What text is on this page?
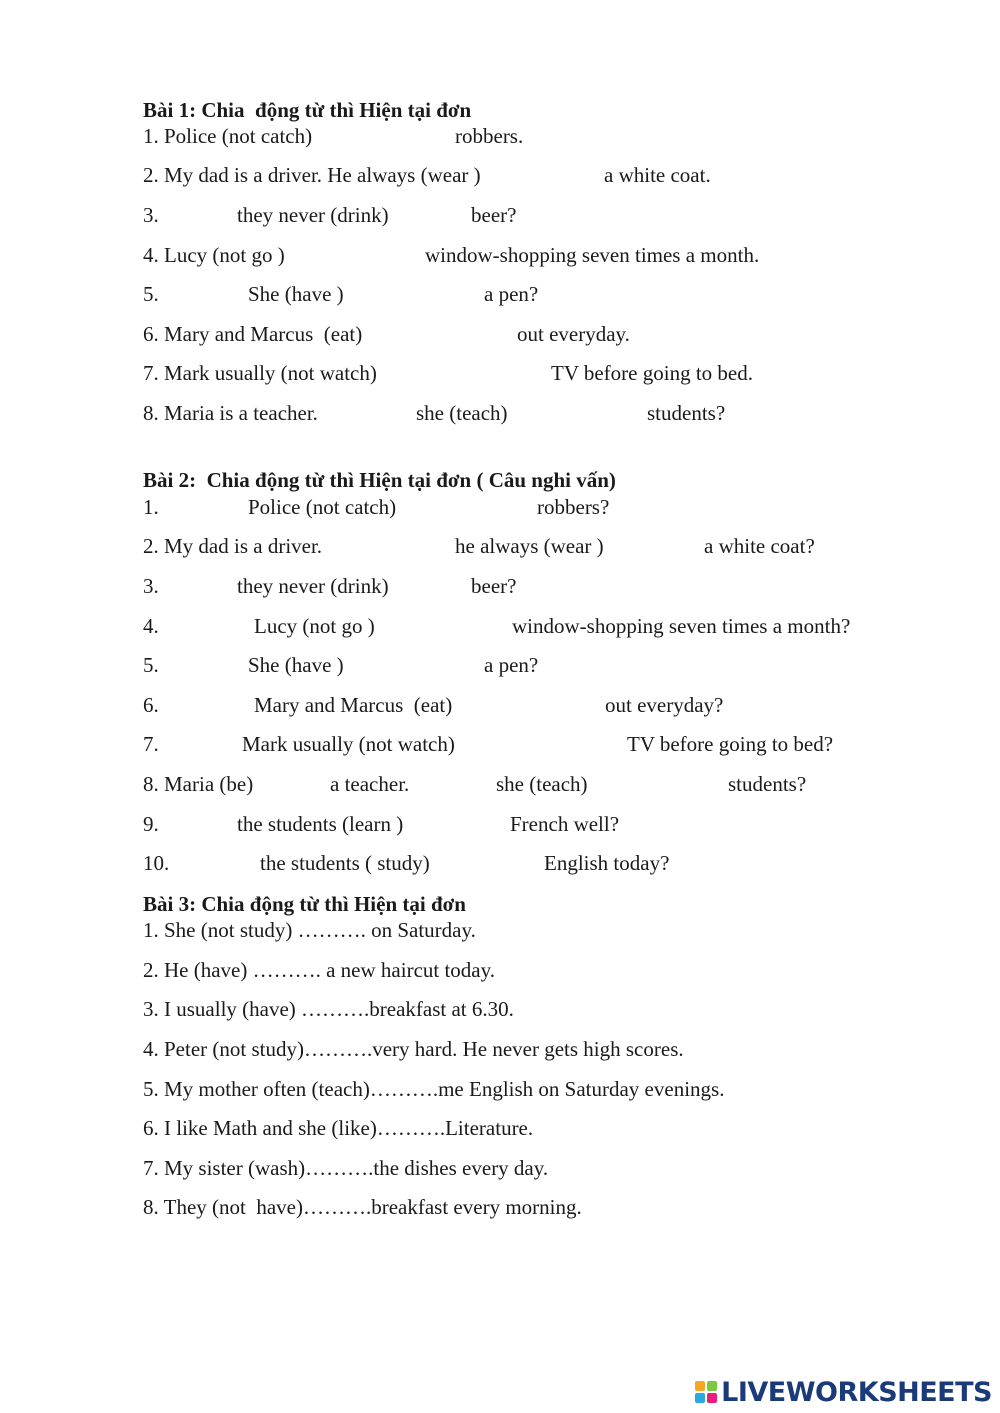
Bài 1: Chia  động từ thì Hiện tại đơn

1. Police (not catch)

	robbers.

2. My dad is a driver. He always (wear )

	a white coat.

3.

	they never (drink)

	beer?

4. Lucy (not go )

	window-shopping seven times a month.

5.

	She (have )

	a pen?

6. Mary and Marcus  (eat)

	out everyday.

7. Mark usually (not watch)

	TV before going to bed.

8. Maria is a teacher.

	she (teach)

	students?

Bài 2:  Chia động từ thì Hiện tại đơn ( Câu nghi vấn)

1.

	Police (not catch)

	robbers?

2. My dad is a driver.

	he always (wear )

	a white coat?

3.

	they never (drink)

	beer?

4.

	Lucy (not go )

	window-shopping seven times a month?

5.

	She (have )

	a pen?

6.

	Mary and Marcus  (eat)

	out everyday?

7.

	Mark usually (not watch)

	TV before going to bed?

8. Maria (be)

	a teacher.

	she (teach)

	students?

9.

	the students (learn )

	French well?

10.

	the students ( study)

	English today?

Bài 3: Chia động từ thì Hiện tại đơn
1. She (not study) ………. on Saturday.
2. He (have) ………. a new haircut today.
3. I usually (have) ……….breakfast at 6.30.
4. Peter (not study)……….very hard. He never gets high scores.
5. My mother often (teach)……….me English on Saturday evenings.
6. I like Math and she (like)……….Literature.
7. My sister (wash)……….the dishes every day.
8. They (not  have)……….breakfast every morning.
LIVEWORKSHEETS
